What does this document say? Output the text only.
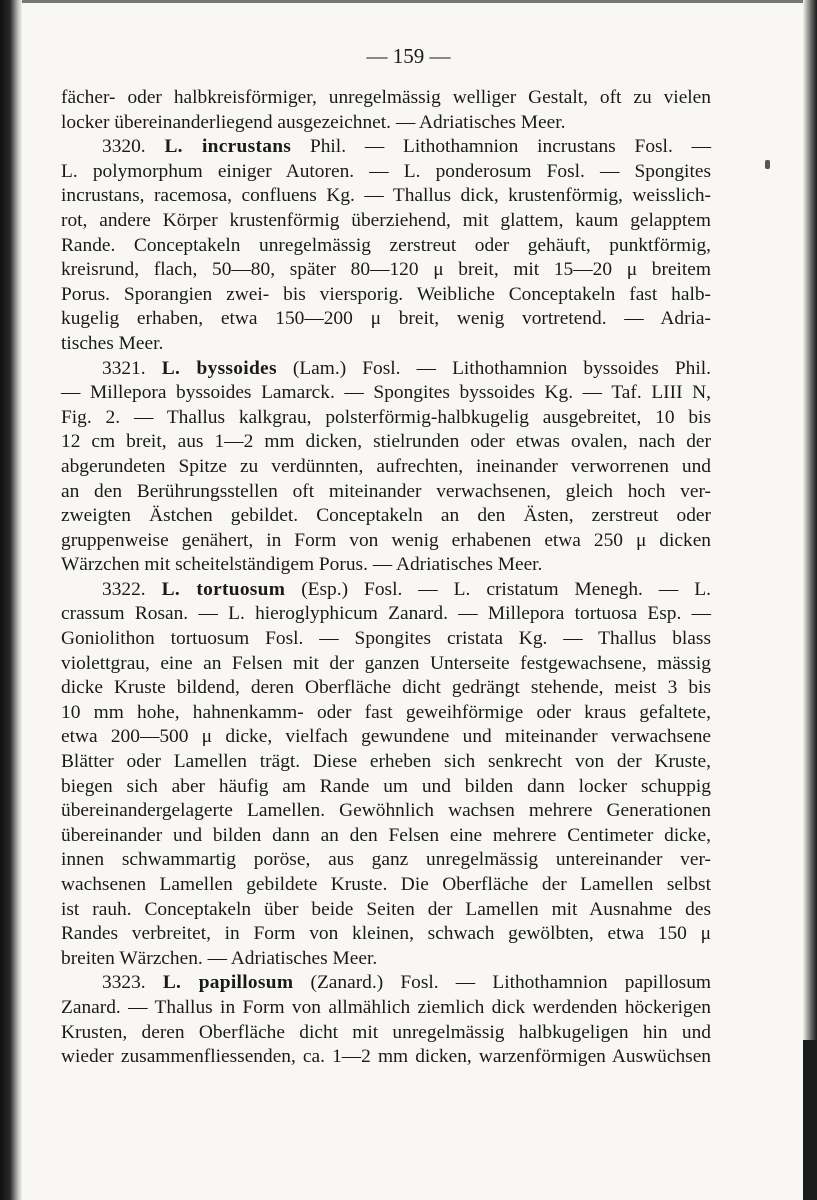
— 159 —
fächer- oder halbkreisförmiger, unregelmässig welliger Gestalt, oft zu vielen
locker übereinanderliegend ausgezeichnet. — Adriatisches Meer.
3320. L. incrustans Phil. — Lithothamnion incrustans Fosl. —
L. polymorphum einiger Autoren. — L. ponderosum Fosl. — Spongites
incrustans, racemosa, confluens Kg. — Thallus dick, krustenförmig, weisslich-
rot, andere Körper krustenförmig überziehend, mit glattem, kaum gelapptem
Rande. Conceptakeln unregelmässig zerstreut oder gehäuft, punktförmig,
kreisrund, flach, 50—80, später 80—120 μ breit, mit 15—20 μ breitem
Porus. Sporangien zwei- bis viersporig. Weibliche Conceptakeln fast halb-
kugelig erhaben, etwa 150—200 μ breit, wenig vortretend. — Adria-
tisches Meer.
3321. L. byssoides (Lam.) Fosl. — Lithothamnion byssoides Phil.
— Millepora byssoides Lamarck. — Spongites byssoides Kg. — Taf. LIII N,
Fig. 2. — Thallus kalkgrau, polsterförmig-halbkugelig ausgebreitet, 10 bis
12 cm breit, aus 1—2 mm dicken, stielrunden oder etwas ovalen, nach der
abgerundeten Spitze zu verdünnten, aufrechten, ineinander verworrenen und
an den Berührungsstellen oft miteinander verwachsenen, gleich hoch ver-
zweigten Ästchen gebildet. Conceptakeln an den Ästen, zerstreut oder
gruppenweise genähert, in Form von wenig erhabenen etwa 250 μ dicken
Wärzchen mit scheitelständigem Porus. — Adriatisches Meer.
3322. L. tortuosum (Esp.) Fosl. — L. cristatum Menegh. — L.
crassum Rosan. — L. hieroglyphicum Zanard. — Millepora tortuosa Esp. —
Goniolithon tortuosum Fosl. — Spongites cristata Kg. — Thallus blass
violettgrau, eine an Felsen mit der ganzen Unterseite festgewachsene, mässig
dicke Kruste bildend, deren Oberfläche dicht gedrängt stehende, meist 3 bis
10 mm hohe, hahnenkamm- oder fast geweihförmige oder kraus gefaltete,
etwa 200—500 μ dicke, vielfach gewundene und miteinander verwachsene
Blätter oder Lamellen trägt. Diese erheben sich senkrecht von der Kruste,
biegen sich aber häufig am Rande um und bilden dann locker schuppig
übereinandergelagerte Lamellen. Gewöhnlich wachsen mehrere Generationen
übereinander und bilden dann an den Felsen eine mehrere Centimeter dicke,
innen schwammartig poröse, aus ganz unregelmässig untereinander ver-
wachsenen Lamellen gebildete Kruste. Die Oberfläche der Lamellen selbst
ist rauh. Conceptakeln über beide Seiten der Lamellen mit Ausnahme des
Randes verbreitet, in Form von kleinen, schwach gewölbten, etwa 150 μ
breiten Wärzchen. — Adriatisches Meer.
3323. L. papillosum (Zanard.) Fosl. — Lithothamnion papillosum
Zanard. — Thallus in Form von allmählich ziemlich dick werdenden höckerigen
Krusten, deren Oberfläche dicht mit unregelmässig halbkugeligen hin und
wieder zusammenfliessenden, ca. 1—2 mm dicken, warzenförmigen Auswüchsen
